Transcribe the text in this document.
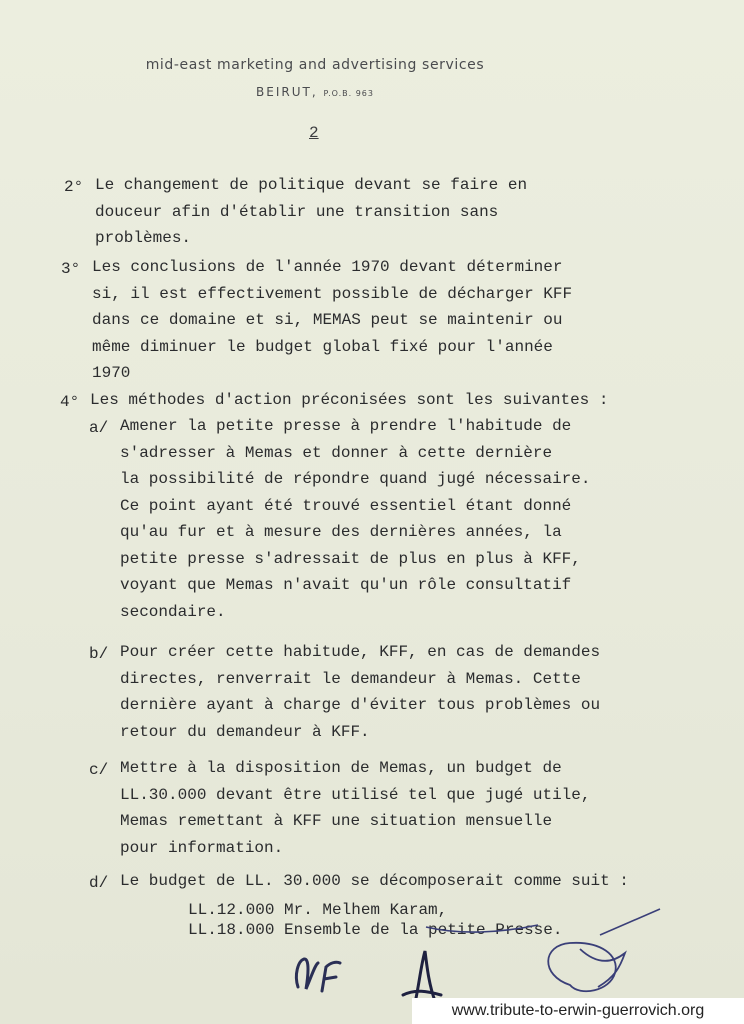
mid-east marketing and advertising services
BEIRUT, P.O.B. 963
2
2° Le changement de politique devant se faire en
douceur afin d'établir une transition sans
problèmes.
3° Les conclusions de l'année 1970 devant déterminer
si, il est effectivement possible de décharger KFF
dans ce domaine et si, MEMAS peut se maintenir ou
même diminuer le budget global fixé pour l'année
1970
4° Les méthodes d'action préconisées sont les suivantes :
a/ Amener la petite presse à prendre l'habitude de
s'adresser à Memas et donner à cette dernière
la possibilité de répondre quand jugé nécessaire.
Ce point ayant été trouvé essentiel étant donné
qu'au fur et à mesure des dernières années, la
petite presse s'adressait de plus en plus à KFF,
voyant que Memas n'avait qu'un rôle consultatif
secondaire.
b/ Pour créer cette habitude, KFF, en cas de demandes
directes, renverrait le demandeur à Memas. Cette
dernière ayant à charge d'éviter tous problèmes ou
retour du demandeur à KFF.
c/ Mettre à la disposition de Memas, un budget de
LL.30.000 devant être utilisé tel que jugé utile,
Memas remettant à KFF une situation mensuelle
pour information.
d/ Le budget de LL. 30.000 se décomposerait comme suit :
LL.12.000 Mr. Melhem Karam,
LL.18.000 Ensemble de la petite Presse.
www.tribute-to-erwin-guerrovich.org
